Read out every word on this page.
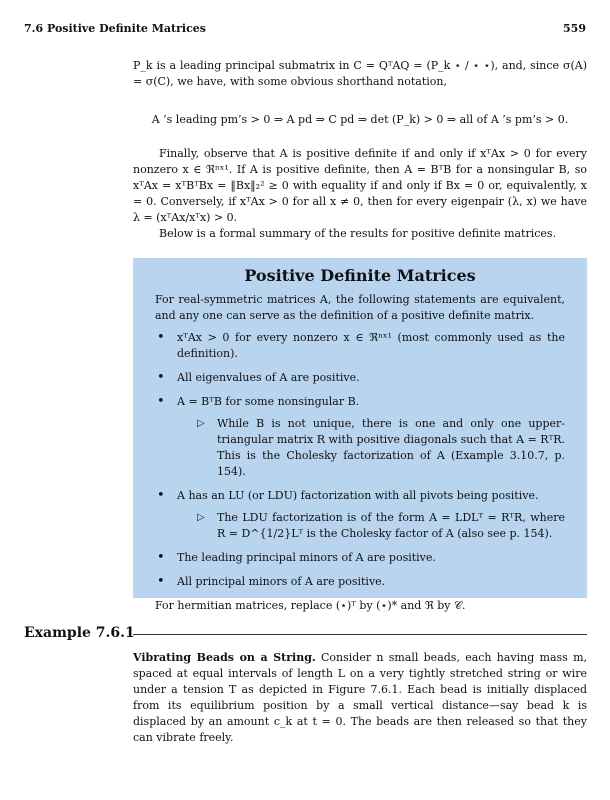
7.6 Positive Definite Matrices	559

P_k is a leading principal submatrix in C = QᵀAQ = (P_k ⋆ / ⋆ ⋆), and, since σ(A) = σ(C), we have, with some obvious shorthand notation,

A ’s leading pm’s > 0 ⇒ A pd ⇒ C pd ⇒ det (P_k) > 0 ⇒ all of A ’s pm’s > 0.

Finally, observe that A is positive definite if and only if xᵀAx > 0 for every nonzero x ∈ ℜⁿˣ¹. If A is positive definite, then A = BᵀB for a nonsingular B, so xᵀAx = xᵀBᵀBx = ‖Bx‖₂² ≥ 0 with equality if and only if Bx = 0 or, equivalently, x = 0. Conversely, if xᵀAx > 0 for all x ≠ 0, then for every eigenpair (λ, x) we have λ = (xᵀAx/xᵀx) > 0.

Below is a formal summary of the results for positive definite matrices.

Positive Definite Matrices

For real-symmetric matrices A, the following statements are equivalent, and any one can serve as the definition of a positive definite matrix.

• xᵀAx > 0 for every nonzero x ∈ ℜⁿˣ¹ (most commonly used as the definition).
• All eigenvalues of A are positive.
• A = BᵀB for some nonsingular B.
▷ While B is not unique, there is one and only one upper-triangular matrix R with positive diagonals such that A = RᵀR. This is the Cholesky factorization of A (Example 3.10.7, p. 154).
• A has an LU (or LDU) factorization with all pivots being positive.
▷ The LDU factorization is of the form A = LDLᵀ = RᵀR, where R = D^{1/2}Lᵀ is the Cholesky factor of A (also see p. 154).
• The leading principal minors of A are positive.
• All principal minors of A are positive.

For hermitian matrices, replace (⋆)ᵀ by (⋆)* and ℜ by 𝒞.

Example 7.6.1

Vibrating Beads on a String. Consider n small beads, each having mass m, spaced at equal intervals of length L on a very tightly stretched string or wire under a tension T as depicted in Figure 7.6.1. Each bead is initially displaced from its equilibrium position by a small vertical distance—say bead k is displaced by an amount c_k at t = 0. The beads are then released so that they can vibrate freely.
